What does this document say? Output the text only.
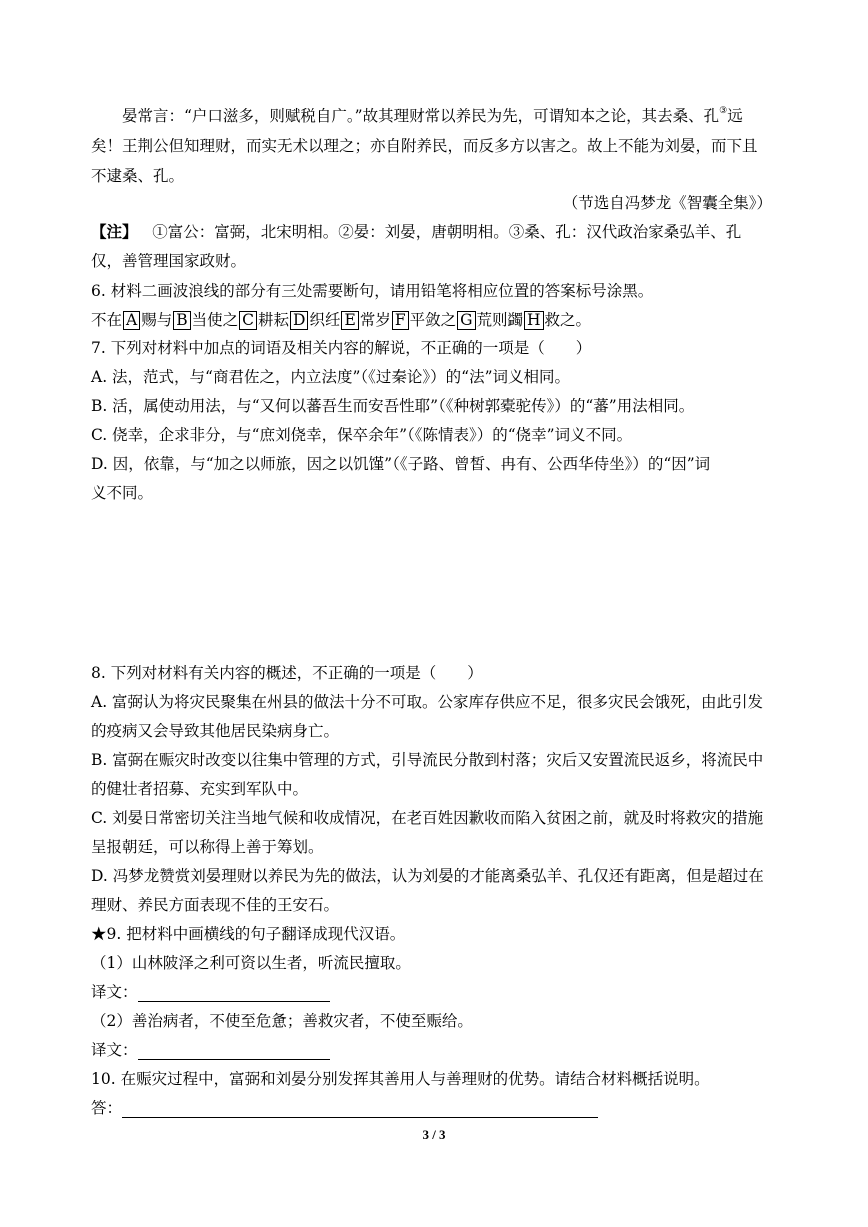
晏常言：“户口滋多，则赋税自广。”故其理财常以养民为先，可谓知本之论，其去桑、孔③远
矣！王荆公但知理财，而实无术以理之；亦自附养民，而反多方以害之。故上不能为刘晏，而下且
不逮桑、孔。
（节选自冯梦龙《智囊全集》）
【注】 ①富公：富弼，北宋明相。②晏：刘晏，唐朝明相。③桑、孔：汉代政治家桑弘羊、孔
仅，善管理国家政财。
6. 材料二画波浪线的部分有三处需要断句，请用铅笔将相应位置的答案标号涂黑。
不在 A 赐与 B 当使之 C 耕耘 D 织纴 E 常岁 F 平敛之 G 荒则蠲 H 救之。
7. 下列对材料中加点的词语及相关内容的解说，不正确的一项是（　　）
A. 法，范式，与“商君佐之，内立法度”（《过秦论》）的“法”词义相同。
B. 活，属使动用法，与“又何以蕃吾生而安吾性耶”（《种树郭橐驼传》）的“蕃”用法相同。
C. 侥幸，企求非分，与“庶刘侥幸，保卒余年”（《陈情表》）的“侥幸”词义不同。
D. 因，依靠，与“加之以师旅，因之以饥馑”（《子路、曾皙、冉有、公西华侍坐》）的“因”词
义不同。
8. 下列对材料有关内容的概述，不正确的一项是（　　）
A. 富弼认为将灾民聚集在州县的做法十分不可取。公家库存供应不足，很多灾民会饿死，由此引发
的疫病又会导致其他居民染病身亡。
B. 富弼在赈灾时改变以往集中管理的方式，引导流民分散到村落；灾后又安置流民返乡，将流民中
的健壮者招募、充实到军队中。
C. 刘晏日常密切关注当地气候和收成情况，在老百姓因歉收而陷入贫困之前，就及时将救灾的措施
呈报朝廷，可以称得上善于筹划。
D. 冯梦龙赞赏刘晏理财以养民为先的做法，认为刘晏的才能离桑弘羊、孔仅还有距离，但是超过在
理财、养民方面表现不佳的王安石。
★9. 把材料中画横线的句子翻译成现代汉语。
（1）山林陂泽之利可资以生者，听流民擅取。
译文：
（2）善治病者，不使至危惫；善救灾者，不使至赈给。
译文：
10. 在赈灾过程中，富弼和刘晏分别发挥其善用人与善理财的优势。请结合材料概括说明。
答：
3 / 3
